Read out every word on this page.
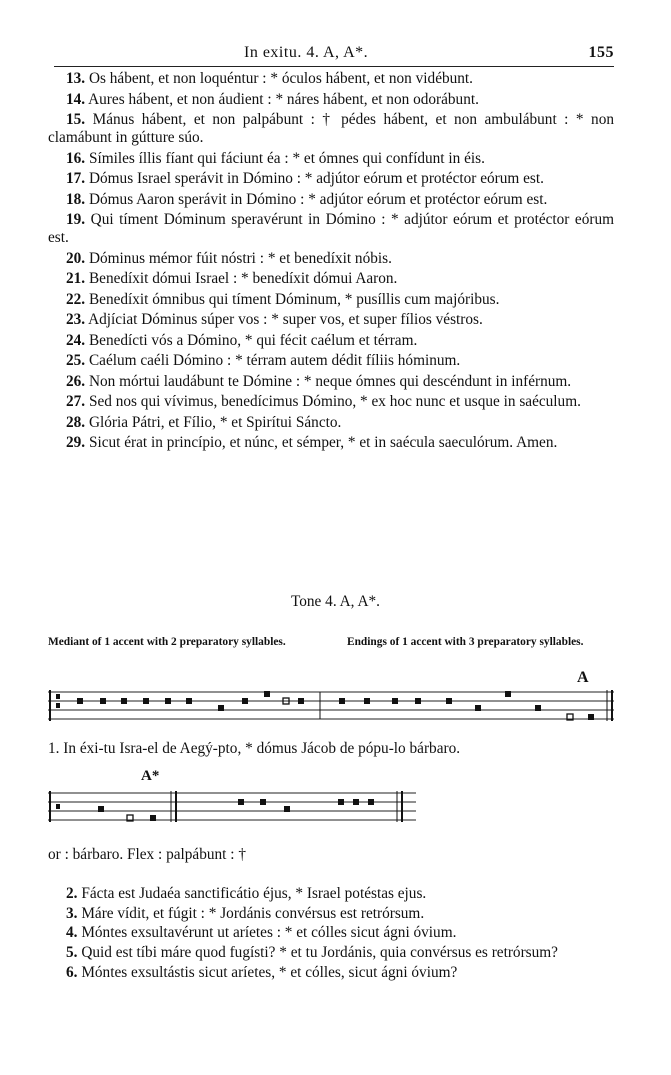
In exitu. 4. A, A*.	155

13. Os hábent, et non loquéntur : * óculos hábent, et non vidébunt.

14. Aures hábent, et non áudient : * náres hábent, et non odorábunt.

15. Mánus hábent, et non palpábunt : † pédes hábent, et non ambulábunt : * non clamábunt in gútture súo.

16. Símiles íllis fíant qui fáciunt éa : * et ómnes qui confídunt in éis.

17. Dómus Israel sperávit in Dómino : * adjútor eórum et protéctor eórum est.

18. Dómus Aaron sperávit in Dómino : * adjútor eórum et protéctor eórum est.

19. Qui tíment Dóminum speravérunt in Dómino : * adjútor eórum et protéctor eórum est.

20. Dóminus mémor fúit nóstri : * et benedíxit nóbis.

21. Benedíxit dómui Israel : * benedíxit dómui Aaron.

22. Benedíxit ómnibus qui tíment Dóminum, * pusíllis cum majóribus.

23. Adjíciat Dóminus súper vos : * super vos, et super fílios véstros.

24. Benedícti vós a Dómino, * qui fécit caélum et térram.

25. Caélum caéli Dómino : * térram autem dédit fíliis hóminum.

26. Non mórtui laudábunt te Dómine : * neque ómnes qui descéndunt in inférnum.

27. Sed nos qui vívimus, benedícimus Dómino, * ex hoc nunc et usque in saéculum.

28. Glória Pátri, et Fílio, * et Spirítui Sáncto.

29. Sicut érat in princípio, et núnc, et sémper, * et in saécula saeculórum. Amen.

Tone 4. A, A*.
Mediant of 1 accent with 2 preparatory syllables.	Endings of 1 accent with 3 preparatory syllables.
A
1. In éxi-tu Isra-el de Aegý-pto, * dómus Jácob de pópu-lo bárbaro.
A*
or : bárbaro. Flex : palpábunt : †

2. Fácta est Judaéa sanctificátio éjus, * Israel potéstas ejus.

3. Máre vídit, et fúgit : * Jordánis convérsus est retrórsum.

4. Móntes exsultavérunt ut aríetes : * et cólles sicut ágni óvium.

5. Quid est tíbi máre quod fugísti? * et tu Jordánis, quia convérsus es retrórsum?

6. Móntes exsultástis sicut aríetes, * et cólles, sicut ágni óvium?
